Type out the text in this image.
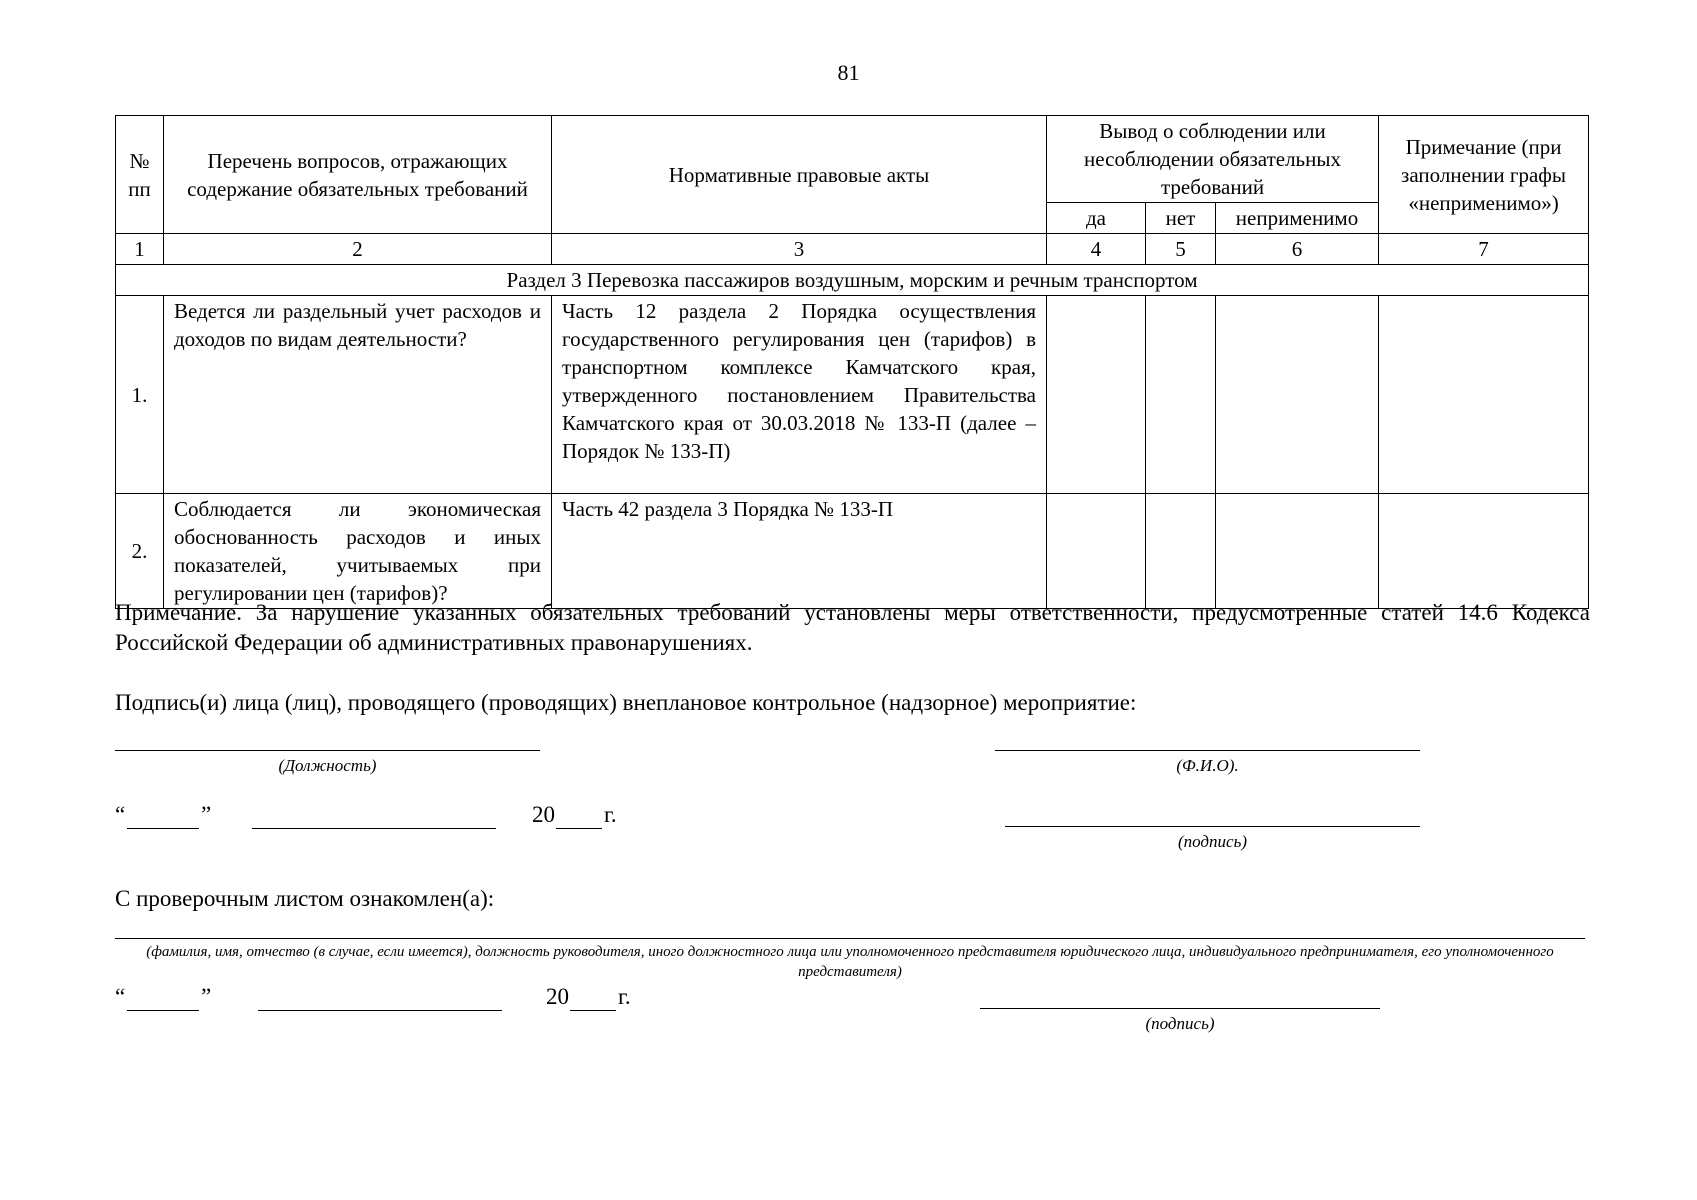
81
№ пп	Перечень вопросов, отражающих содержание обязательных требований	Нормативные правовые акты	Вывод о соблюдении или несоблюдении обязательных требований			Примечание (при заполнении графы «неприменимо»)
			да	нет	неприменимо	
1	2	3	4	5	6	7
Раздел 3 Перевозка пассажиров воздушным, морским и речным транспортом						
1.	Ведется ли раздельный учет расходов и доходов по видам деятельности?	Часть 12 раздела 2 Порядка осуществления государственного регулирования цен (тарифов) в транспортном комплексе Камчатского края, утвержденного постановлением Правительства Камчатского края от 30.03.2018 № 133-П (далее – Порядок № 133-П)				
2.	Соблюдается ли экономическая обоснованность расходов и иных показателей, учитываемых при регулировании цен (тарифов)?	Часть 42 раздела 3 Порядка № 133-П				
Примечание. За нарушение указанных обязательных требований установлены меры ответственности, предусмотренные статей 14.6 Кодекса Российской Федерации об административных правонарушениях.
Подпись(и) лица (лиц), проводящего (проводящих) внеплановое контрольное (надзорное) мероприятие:
(Должность)	(Ф.И.О).
“	”	20 г.
(подпись)
С проверочным листом ознакомлен(а):
(фамилия, имя, отчество (в случае, если имеется), должность руководителя, иного должностного лица или уполномоченного представителя юридического лица, индивидуального предпринимателя, его уполномоченного представителя)
“	”	20 г.
(подпись)
